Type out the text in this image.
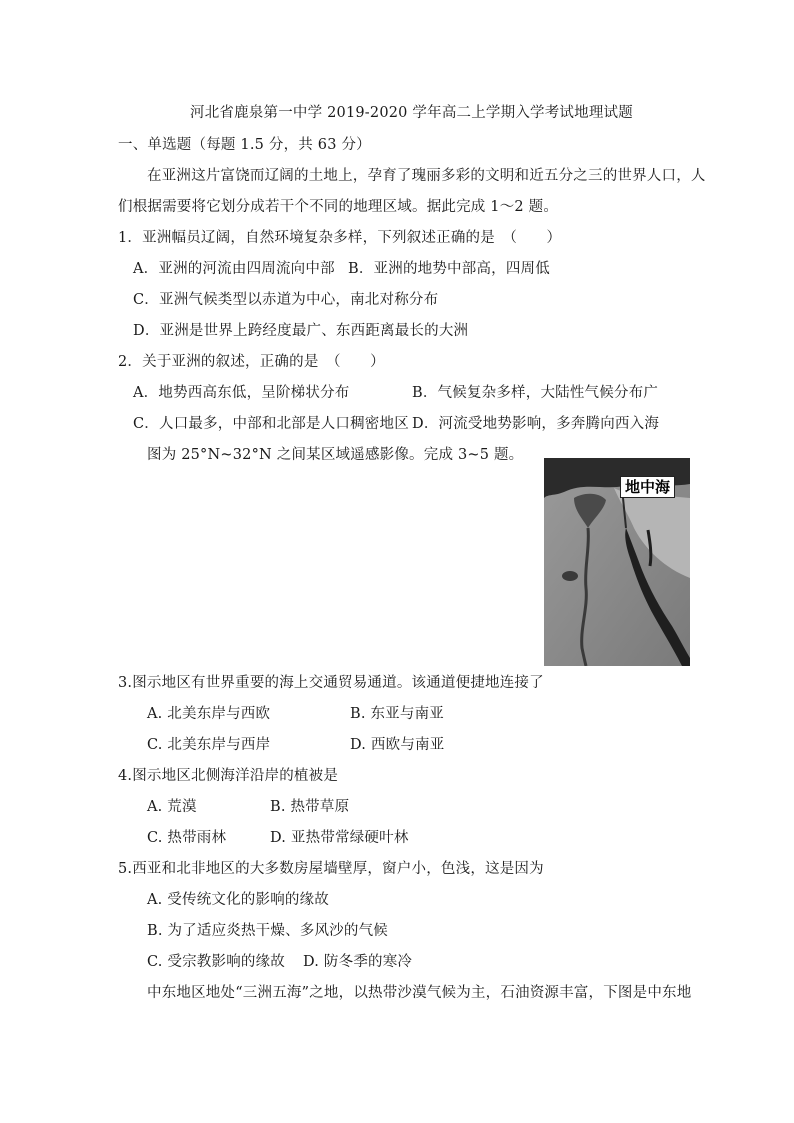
河北省鹿泉第一中学 2019-2020 学年高二上学期入学考试地理试题
一、单选题（每题 1.5 分，共 63 分）
在亚洲这片富饶而辽阔的土地上，孕育了瑰丽多彩的文明和近五分之三的世界人口，人
们根据需要将它划分成若干个不同的地理区域。据此完成 1～2 题。
1．亚洲幅员辽阔，自然环境复杂多样，下列叙述正确的是　（　　）
A．亚洲的河流由四周流向中部 B．亚洲的地势中部高，四周低
C．亚洲气候类型以赤道为中心，南北对称分布
D．亚洲是世界上跨经度最广、东西距离最长的大洲
2．关于亚洲的叙述，正确的是　（　　）
A．地势西高东低，呈阶梯状分布	B．气候复杂多样，大陆性气候分布广
C．人口最多，中部和北部是人口稠密地区 D．河流受地势影响，多奔腾向西入海
图为 25°N~32°N 之间某区域遥感影像。完成 3~5 题。
地中海
3.图示地区有世界重要的海上交通贸易通道。该通道便捷地连接了
A. 北美东岸与西欧	B. 东亚与南亚
C. 北美东岸与西岸	D. 西欧与南亚
4.图示地区北侧海洋沿岸的植被是
A. 荒漠	B. 热带草原
C. 热带雨林	D. 亚热带常绿硬叶林
5.西亚和北非地区的大多数房屋墙壁厚，窗户小，色浅，这是因为
A. 受传统文化的影响的缘故
B. 为了适应炎热干燥、多风沙的气候
C. 受宗教影响的缘故 D. 防冬季的寒冷
中东地区地处“三洲五海”之地，以热带沙漠气候为主，石油资源丰富，下图是中东地
